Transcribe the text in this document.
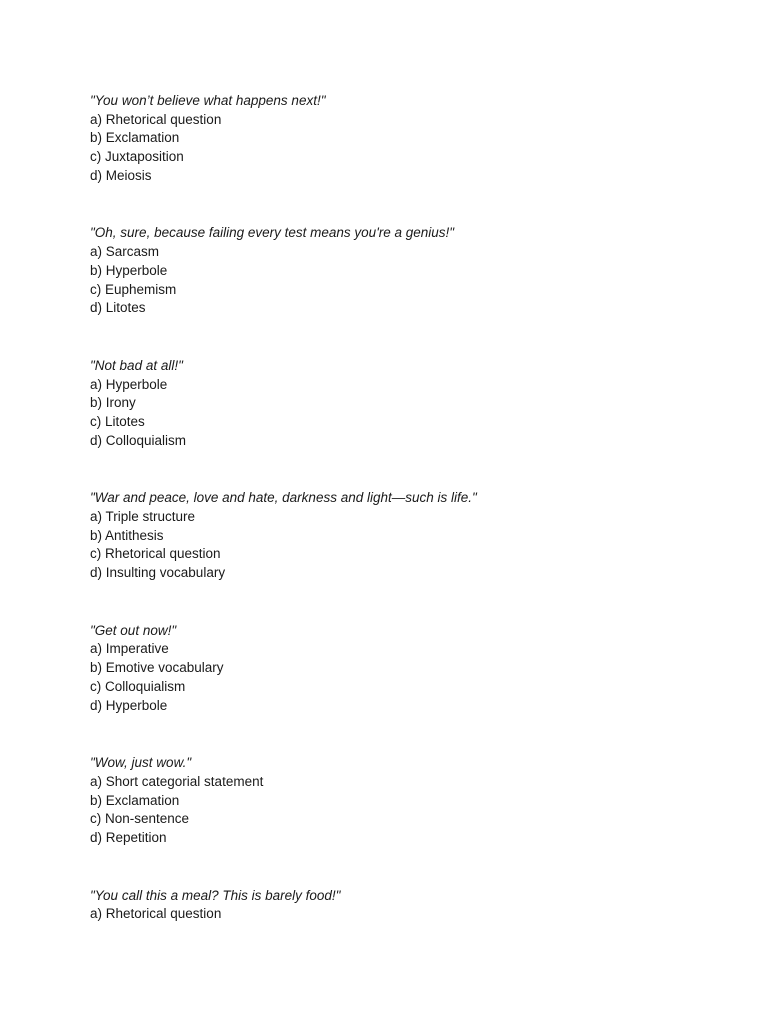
"You won’t believe what happens next!"
a) Rhetorical question
b) Exclamation
c) Juxtaposition
d) Meiosis
"Oh, sure, because failing every test means you're a genius!"
a) Sarcasm
b) Hyperbole
c) Euphemism
d) Litotes
"Not bad at all!"
a) Hyperbole
b) Irony
c) Litotes
d) Colloquialism
"War and peace, love and hate, darkness and light—such is life."
a) Triple structure
b) Antithesis
c) Rhetorical question
d) Insulting vocabulary
"Get out now!"
a) Imperative
b) Emotive vocabulary
c) Colloquialism
d) Hyperbole
"Wow, just wow."
a) Short categorial statement
b) Exclamation
c) Non-sentence
d) Repetition
"You call this a meal? This is barely food!"
a) Rhetorical question
